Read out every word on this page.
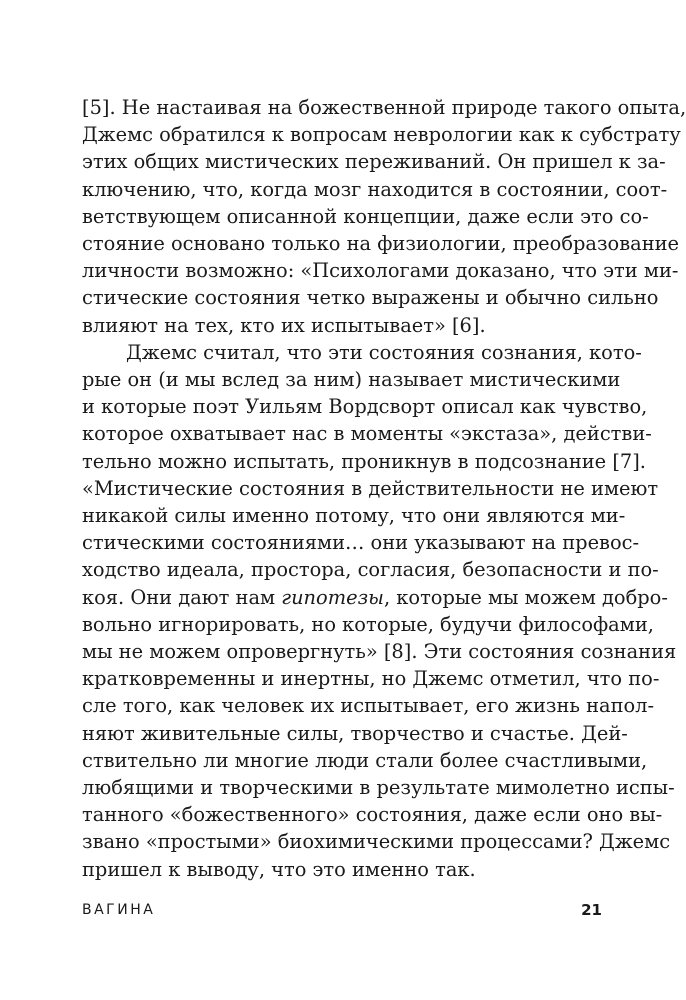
[5]. Не настаивая на божественной природе такого опыта,
Джемс обратился к вопросам неврологии как к субстрату
этих общих мистических переживаний. Он пришел к за-
ключению, что, когда мозг находится в состоянии, соот-
ветствующем описанной концепции, даже если это со-
стояние основано только на физиологии, преобразование
личности возможно: «Психологами доказано, что эти ми-
стические состояния четко выражены и обычно сильно
влияют на тех, кто их испытывает» [6].
Джемс считал, что эти состояния сознания, кото-
рые он (и мы вслед за ним) называет мистическими
и которые поэт Уильям Вордсворт описал как чувство,
которое охватывает нас в моменты «экстаза», действи-
тельно можно испытать, проникнув в подсознание [7].
«Мистические состояния в действительности не имеют
никакой силы именно потому, что они являются ми-
стическими состояниями… они указывают на превос-
ходство идеала, простора, согласия, безопасности и по-
коя. Они дают нам гипотезы, которые мы можем добро-
вольно игнорировать, но которые, будучи философами,
мы не можем опровергнуть» [8]. Эти состояния сознания
кратковременны и инертны, но Джемс отметил, что по-
сле того, как человек их испытывает, его жизнь напол-
няют живительные силы, творчество и счастье. Дей-
ствительно ли многие люди стали более счастливыми,
любящими и творческими в результате мимолетно испы-
танного «божественного» состояния, даже если оно вы-
звано «простыми» биохимическими процессами? Джемс
пришел к выводу, что это именно так.
ВАГИНА	21
